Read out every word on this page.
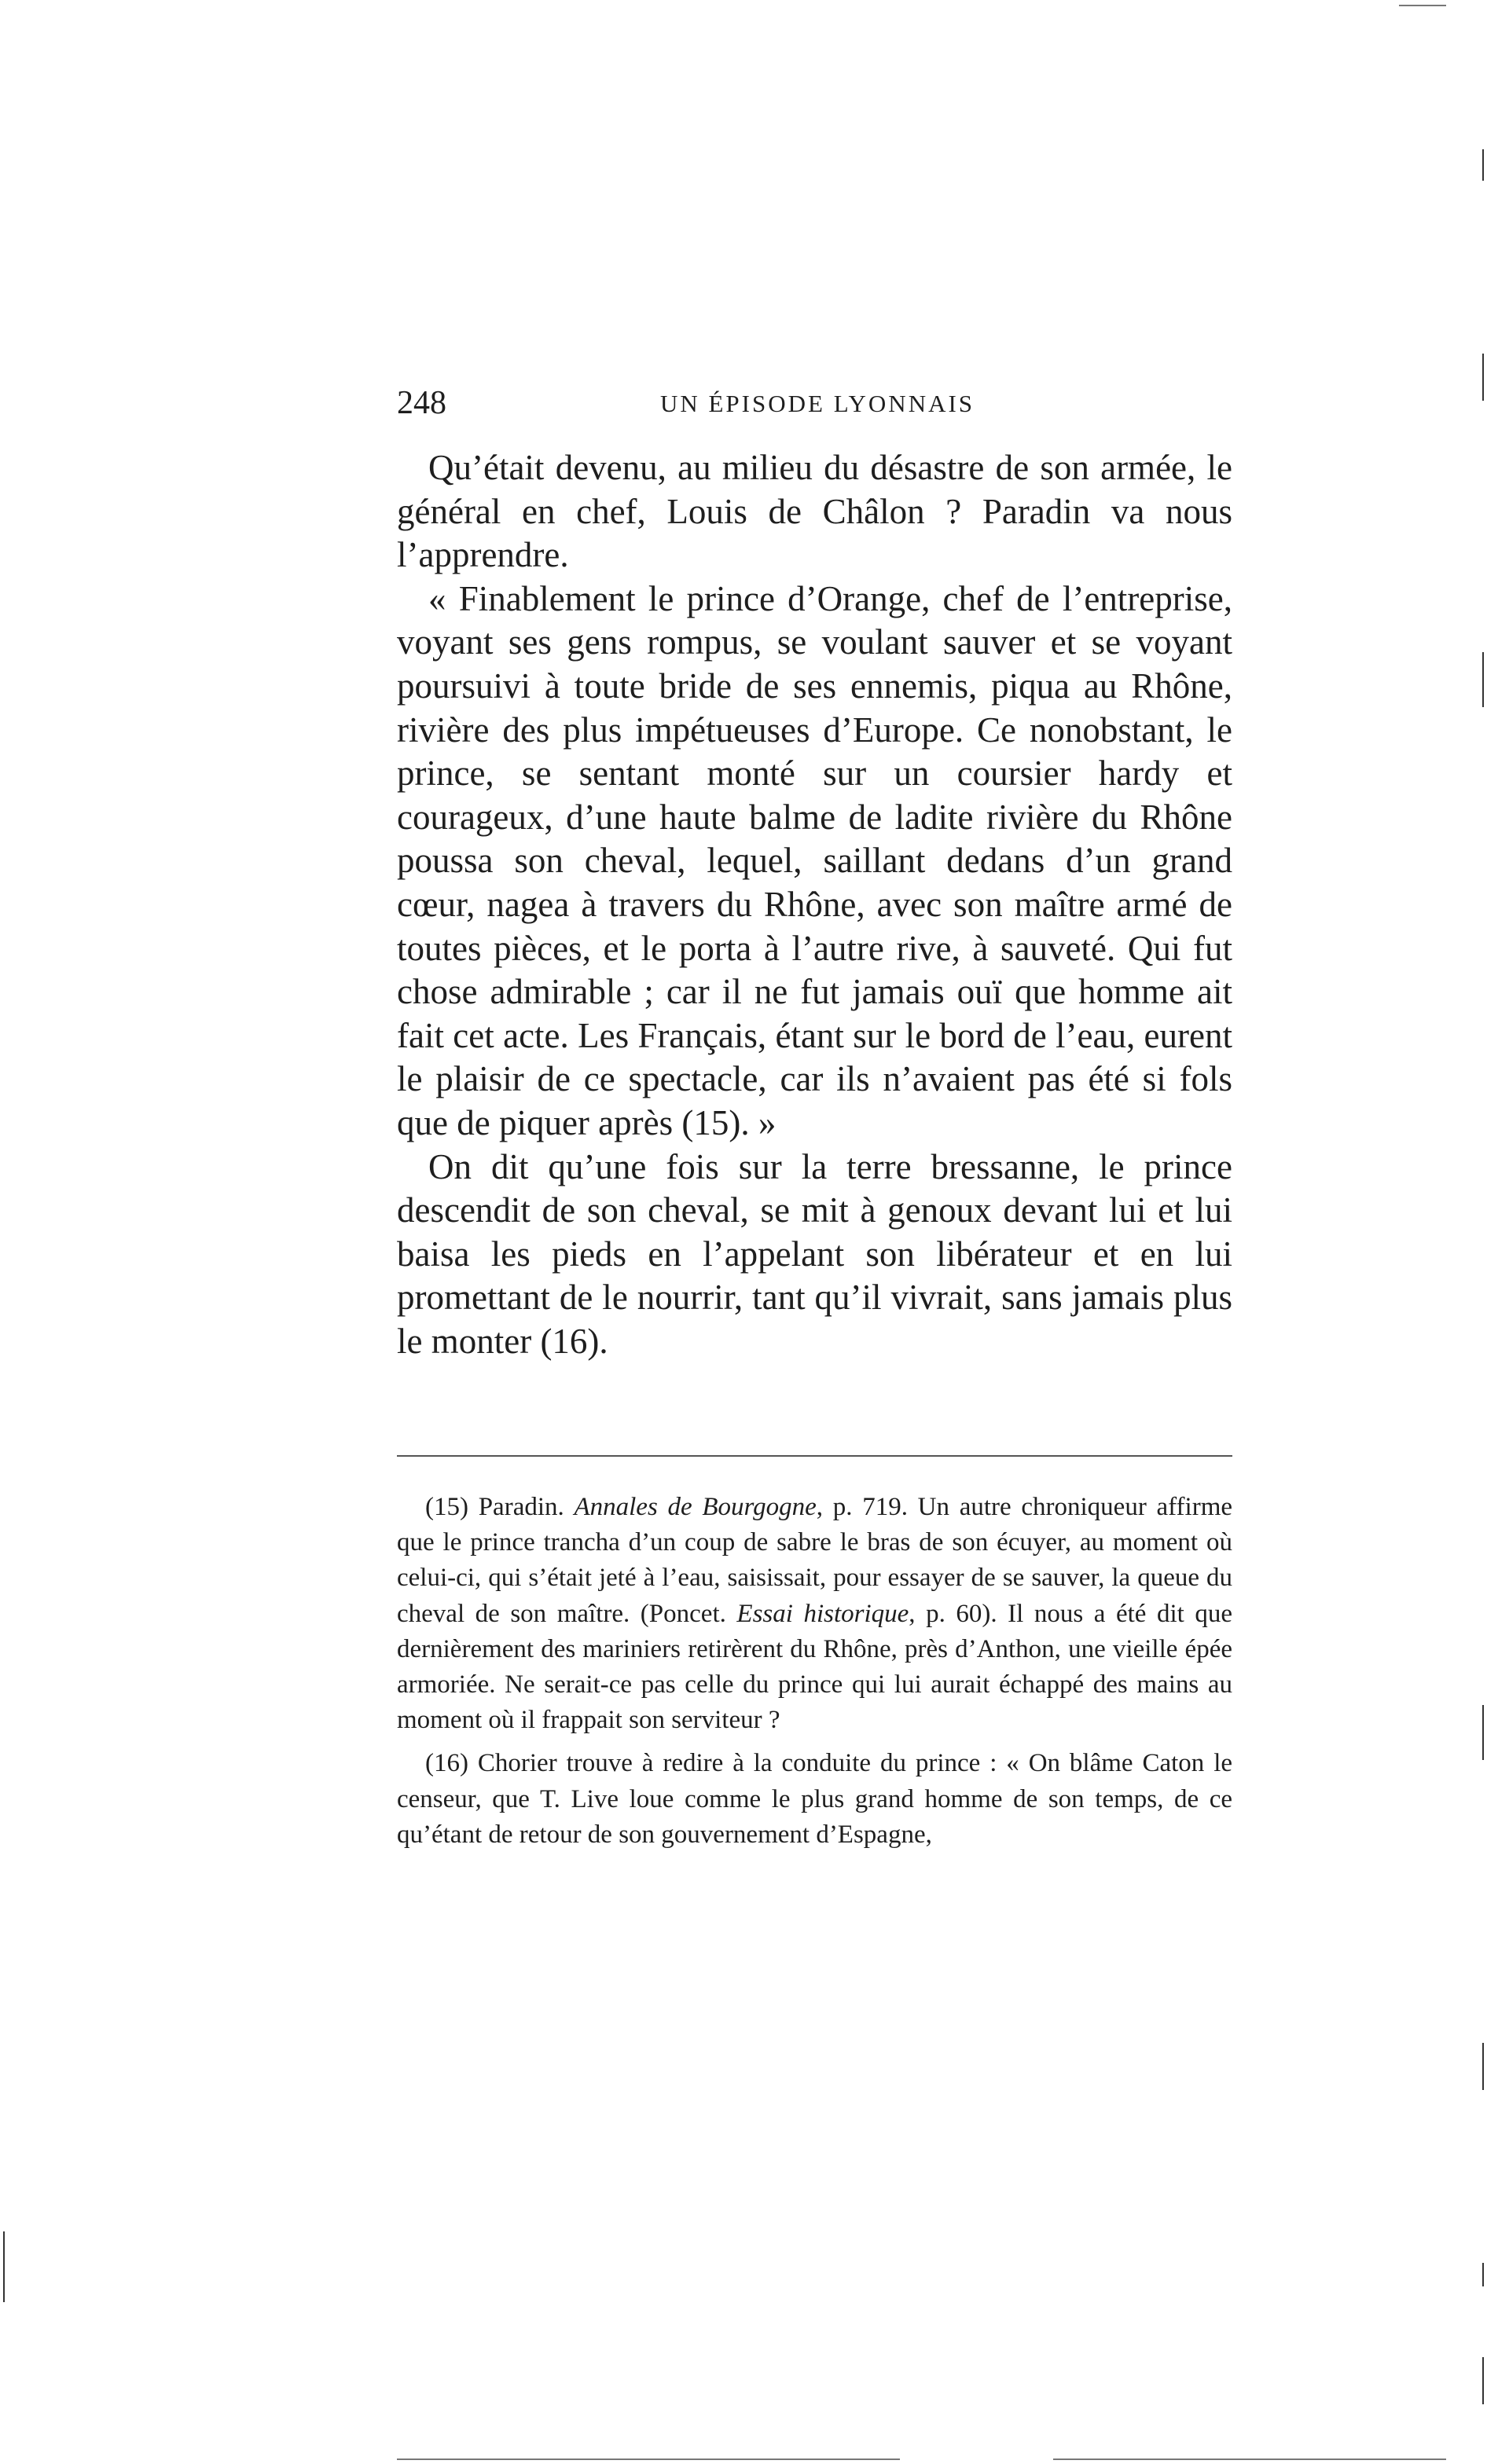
248	UN ÉPISODE LYONNAIS

Qu’était devenu, au milieu du désastre de son armée, le général en chef, Louis de Châlon ? Paradin va nous l’apprendre.

« Finablement le prince d’Orange, chef de l’entreprise, voyant ses gens rompus, se voulant sauver et se voyant poursuivi à toute bride de ses ennemis, piqua au Rhône, rivière des plus impétueuses d’Europe. Ce nonobstant, le prince, se sentant monté sur un coursier hardy et courageux, d’une haute balme de ladite rivière du Rhône poussa son cheval, lequel, saillant dedans d’un grand cœur, nagea à travers du Rhône, avec son maître armé de toutes pièces, et le porta à l’autre rive, à sauveté. Qui fut chose admirable ; car il ne fut jamais ouï que homme ait fait cet acte. Les Français, étant sur le bord de l’eau, eurent le plaisir de ce spectacle, car ils n’avaient pas été si fols que de piquer après (15). »

On dit qu’une fois sur la terre bressanne, le prince descendit de son cheval, se mit à genoux devant lui et lui baisa les pieds en l’appelant son libérateur et en lui promettant de le nourrir, tant qu’il vivrait, sans jamais plus le monter (16).

(15) Paradin. Annales de Bourgogne, p. 719. Un autre chroniqueur affirme que le prince trancha d’un coup de sabre le bras de son écuyer, au moment où celui-ci, qui s’était jeté à l’eau, saisissait, pour essayer de se sauver, la queue du cheval de son maître. (Poncet. Essai historique, p. 60). Il nous a été dit que dernièrement des mariniers retirèrent du Rhône, près d’Anthon, une vieille épée armoriée. Ne serait-ce pas celle du prince qui lui aurait échappé des mains au moment où il frappait son serviteur ?

(16) Chorier trouve à redire à la conduite du prince : « On blâme Caton le censeur, que T. Live loue comme le plus grand homme de son temps, de ce qu’étant de retour de son gouvernement d’Espagne,
